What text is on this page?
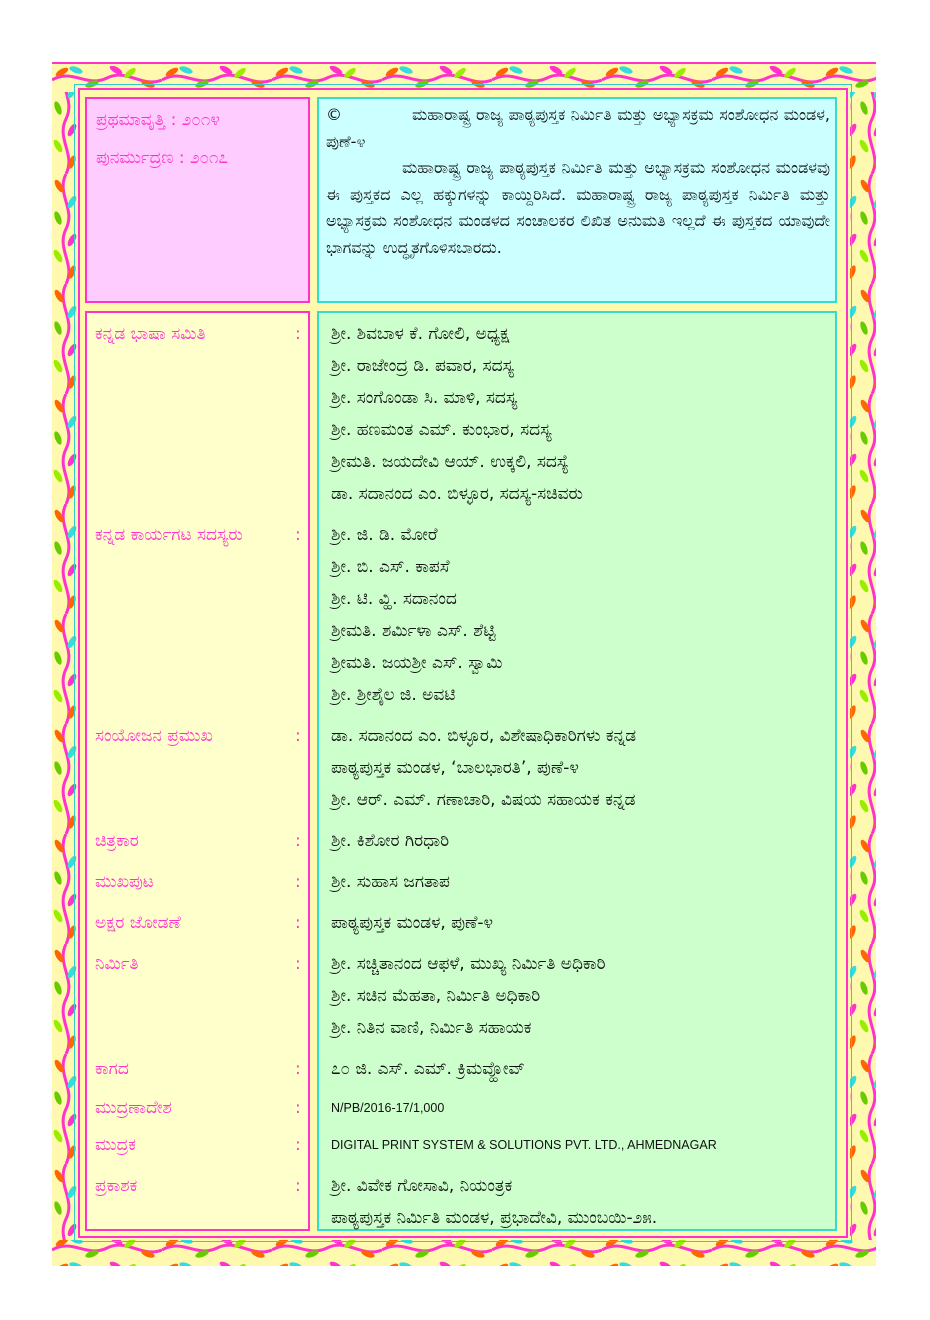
ಪ್ರಥಮಾವೃತ್ತಿ : ೨೦೧೪
ಪುನರ್ಮುದ್ರಣ : ೨೦೧೭
©	ಮಹಾರಾಷ್ಟ್ರ ರಾಜ್ಯ ಪಾಠ್ಯಪುಸ್ತಕ ನಿರ್ಮಿತಿ ಮತ್ತು ಅಭ್ಯಾಸಕ್ರಮ ಸಂಶೋಧನ ಮಂಡಳ, ಪುಣೆ-೪
ಮಹಾರಾಷ್ಟ್ರ ರಾಜ್ಯ ಪಾಠ್ಯಪುಸ್ತಕ ನಿರ್ಮಿತಿ ಮತ್ತು ಅಭ್ಯಾಸಕ್ರಮ ಸಂಶೋಧನ ಮಂಡಳವು ಈ ಪುಸ್ತಕದ ಎಲ್ಲ ಹಕ್ಕುಗಳನ್ನು ಕಾಯ್ದಿರಿಸಿದೆ. ಮಹಾರಾಷ್ಟ್ರ ರಾಜ್ಯ ಪಾಠ್ಯಪುಸ್ತಕ ನಿರ್ಮಿತಿ ಮತ್ತು ಅಭ್ಯಾಸಕ್ರಮ ಸಂಶೋಧನ ಮಂಡಳದ ಸಂಚಾಲಕರ ಲಿಖಿತ ಅನುಮತಿ ಇಲ್ಲದೆ ಈ ಪುಸ್ತಕದ ಯಾವುದೇ ಭಾಗವನ್ನು ಉದ್ಧೃತಗೊಳಿಸಬಾರದು.
ಕನ್ನಡ ಭಾಷಾ ಸಮಿತಿ	:	ಶ್ರೀ. ಶಿವಬಾಳ ಕೆ. ಗೋಲಿ, ಅಧ್ಯಕ್ಷ
ಶ್ರೀ. ರಾಜೇಂದ್ರ ಡಿ. ಪವಾರ, ಸದಸ್ಯ
ಶ್ರೀ. ಸಂಗೊಂಡಾ ಸಿ. ಮಾಳಿ, ಸದಸ್ಯ
ಶ್ರೀ. ಹಣಮಂತ ಎಮ್. ಕುಂಭಾರ, ಸದಸ್ಯ
ಶ್ರೀಮತಿ. ಜಯದೇವಿ ಆಯ್. ಉಕ್ಕಲಿ, ಸದಸ್ಯೆ
ಡಾ. ಸದಾನಂದ ಎಂ. ಬಿಳ್ಳೂರ, ಸದಸ್ಯ-ಸಚಿವರು
ಕನ್ನಡ ಕಾರ್ಯಗಟ ಸದಸ್ಯರು	:	ಶ್ರೀ. ಜಿ. ಡಿ. ಮೋರೆ
ಶ್ರೀ. ಬಿ. ಎಸ್. ಕಾಪಸೆ
ಶ್ರೀ. ಟಿ. ವ್ಹಿ. ಸದಾನಂದ
ಶ್ರೀಮತಿ. ಶರ್ಮಿಳಾ ಎಸ್. ಶೆಟ್ಟಿ
ಶ್ರೀಮತಿ. ಜಯಶ್ರೀ ಎಸ್. ಸ್ವಾಮಿ
ಶ್ರೀ. ಶ್ರೀಶೈಲ ಜಿ. ಅವಟಿ
ಸಂಯೋಜನ ಪ್ರಮುಖ	:	ಡಾ. ಸದಾನಂದ ಎಂ. ಬಿಳ್ಳೂರ, ವಿಶೇಷಾಧಿಕಾರಿಗಳು ಕನ್ನಡ
ಪಾಠ್ಯಪುಸ್ತಕ ಮಂಡಳ, ‘ಬಾಲಭಾರತಿ’, ಪುಣೆ-೪
ಶ್ರೀ. ಆರ್. ಎಮ್. ಗಣಾಚಾರಿ, ವಿಷಯ ಸಹಾಯಕ ಕನ್ನಡ
ಚಿತ್ರಕಾರ	:	ಶ್ರೀ. ಕಿಶೋರ ಗಿರಧಾರಿ
ಮುಖಪುಟ	:	ಶ್ರೀ. ಸುಹಾಸ ಜಗತಾಪ
ಅಕ್ಷರ ಜೋಡಣೆ	:	ಪಾಠ್ಯಪುಸ್ತಕ ಮಂಡಳ, ಪುಣೆ-೪
ನಿರ್ಮಿತಿ	:	ಶ್ರೀ. ಸಚ್ಚಿತಾನಂದ ಆಫಳೆ, ಮುಖ್ಯ ನಿರ್ಮಿತಿ ಅಧಿಕಾರಿ
ಶ್ರೀ. ಸಚಿನ ಮೆಹತಾ, ನಿರ್ಮಿತಿ ಅಧಿಕಾರಿ
ಶ್ರೀ. ನಿತಿನ ವಾಣಿ, ನಿರ್ಮಿತಿ ಸಹಾಯಕ
ಕಾಗದ	:	೭೦ ಜಿ. ಎಸ್. ಎಮ್. ಕ್ರಿಮವ್ಹೋವ್
ಮುದ್ರಣಾದೇಶ	:	N/PB/2016-17/1,000
ಮುದ್ರಕ	:	DIGITAL PRINT SYSTEM & SOLUTIONS PVT. LTD., AHMEDNAGAR
ಪ್ರಕಾಶಕ	:	ಶ್ರೀ. ವಿವೇಕ ಗೋಸಾವಿ, ನಿಯಂತ್ರಕ
ಪಾಠ್ಯಪುಸ್ತಕ ನಿರ್ಮಿತಿ ಮಂಡಳ, ಪ್ರಭಾದೇವಿ, ಮುಂಬಯಿ-೨೫.
